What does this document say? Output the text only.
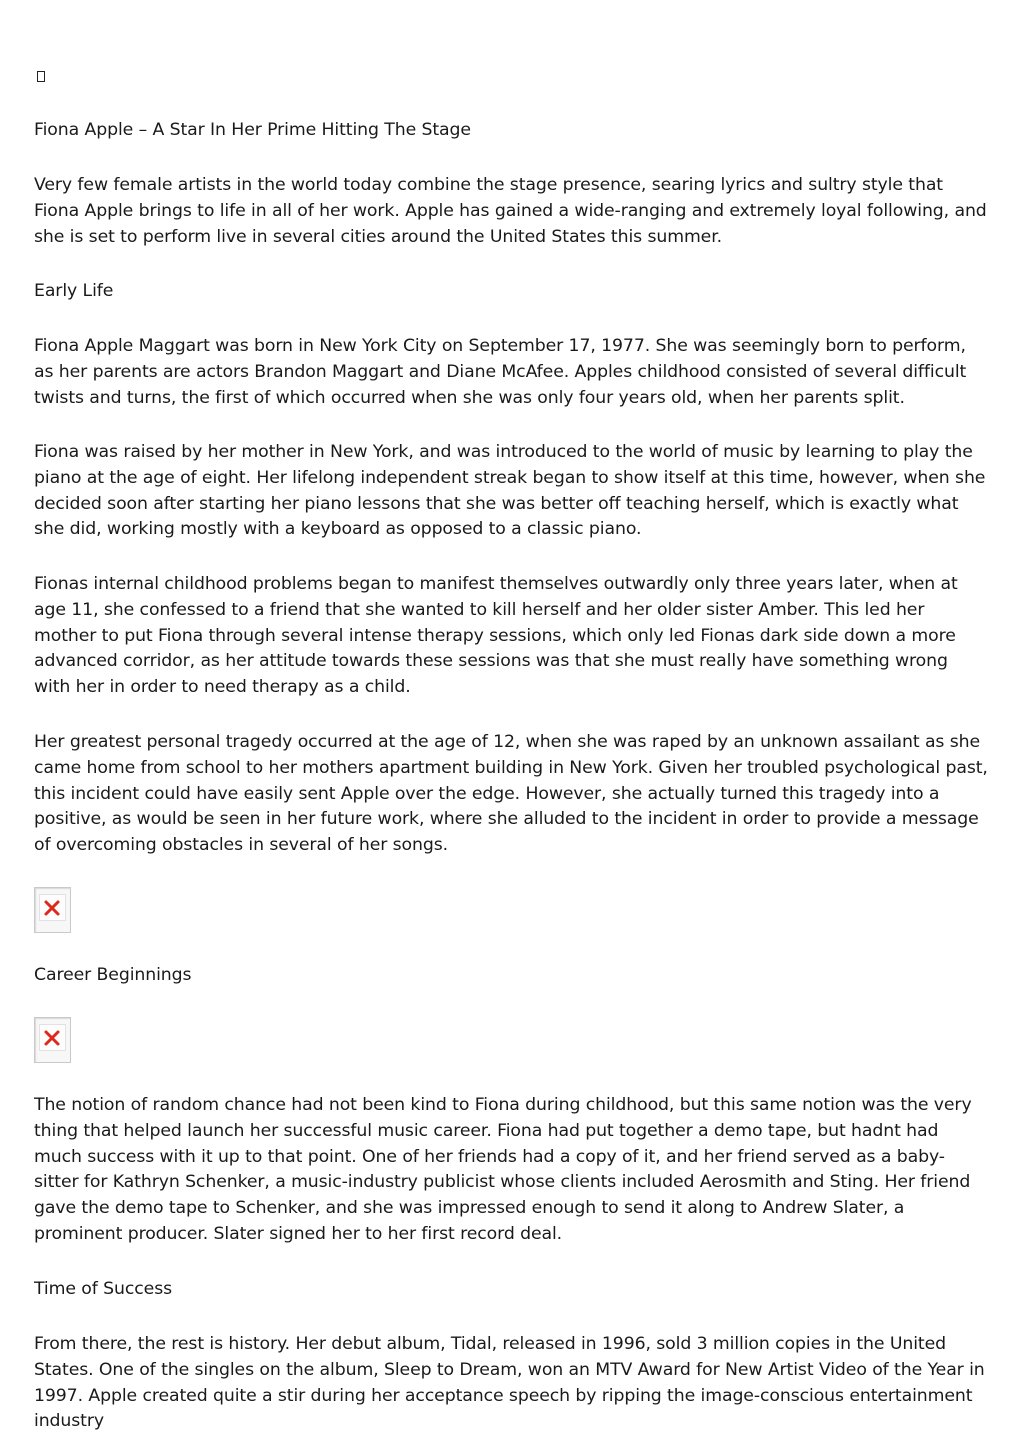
Fiona Apple – A Star In Her Prime Hitting The Stage

Very few female artists in the world today combine the stage presence, searing lyrics and sultry style that Fiona Apple brings to life in all of her work. Apple has gained a wide-ranging and extremely loyal following, and she is set to perform live in several cities around the United States this summer.

Early Life

Fiona Apple Maggart was born in New York City on September 17, 1977. She was seemingly born to perform, as her parents are actors Brandon Maggart and Diane McAfee. Apples childhood consisted of several difficult twists and turns, the first of which occurred when she was only four years old, when her parents split.

Fiona was raised by her mother in New York, and was introduced to the world of music by learning to play the piano at the age of eight. Her lifelong independent streak began to show itself at this time, however, when she decided soon after starting her piano lessons that she was better off teaching herself, which is exactly what she did, working mostly with a keyboard as opposed to a classic piano.

Fionas internal childhood problems began to manifest themselves outwardly only three years later, when at age 11, she confessed to a friend that she wanted to kill herself and her older sister Amber. This led her mother to put Fiona through several intense therapy sessions, which only led Fionas dark side down a more advanced corridor, as her attitude towards these sessions was that she must really have something wrong with her in order to need therapy as a child.

Her greatest personal tragedy occurred at the age of 12, when she was raped by an unknown assailant as she came home from school to her mothers apartment building in New York. Given her troubled psychological past, this incident could have easily sent Apple over the edge. However, she actually turned this tragedy into a positive, as would be seen in her future work, where she alluded to the incident in order to provide a message of overcoming obstacles in several of her songs.

Career Beginnings

The notion of random chance had not been kind to Fiona during childhood, but this same notion was the very thing that helped launch her successful music career. Fiona had put together a demo tape, but hadnt had much success with it up to that point. One of her friends had a copy of it, and her friend served as a baby-sitter for Kathryn Schenker, a music-industry publicist whose clients included Aerosmith and Sting. Her friend gave the demo tape to Schenker, and she was impressed enough to send it along to Andrew Slater, a prominent producer. Slater signed her to her first record deal.

Time of Success

From there, the rest is history. Her debut album, Tidal, released in 1996, sold 3 million copies in the United States. One of the singles on the album, Sleep to Dream, won an MTV Award for New Artist Video of the Year in 1997. Apple created quite a stir during her acceptance speech by ripping the image-conscious entertainment industry
